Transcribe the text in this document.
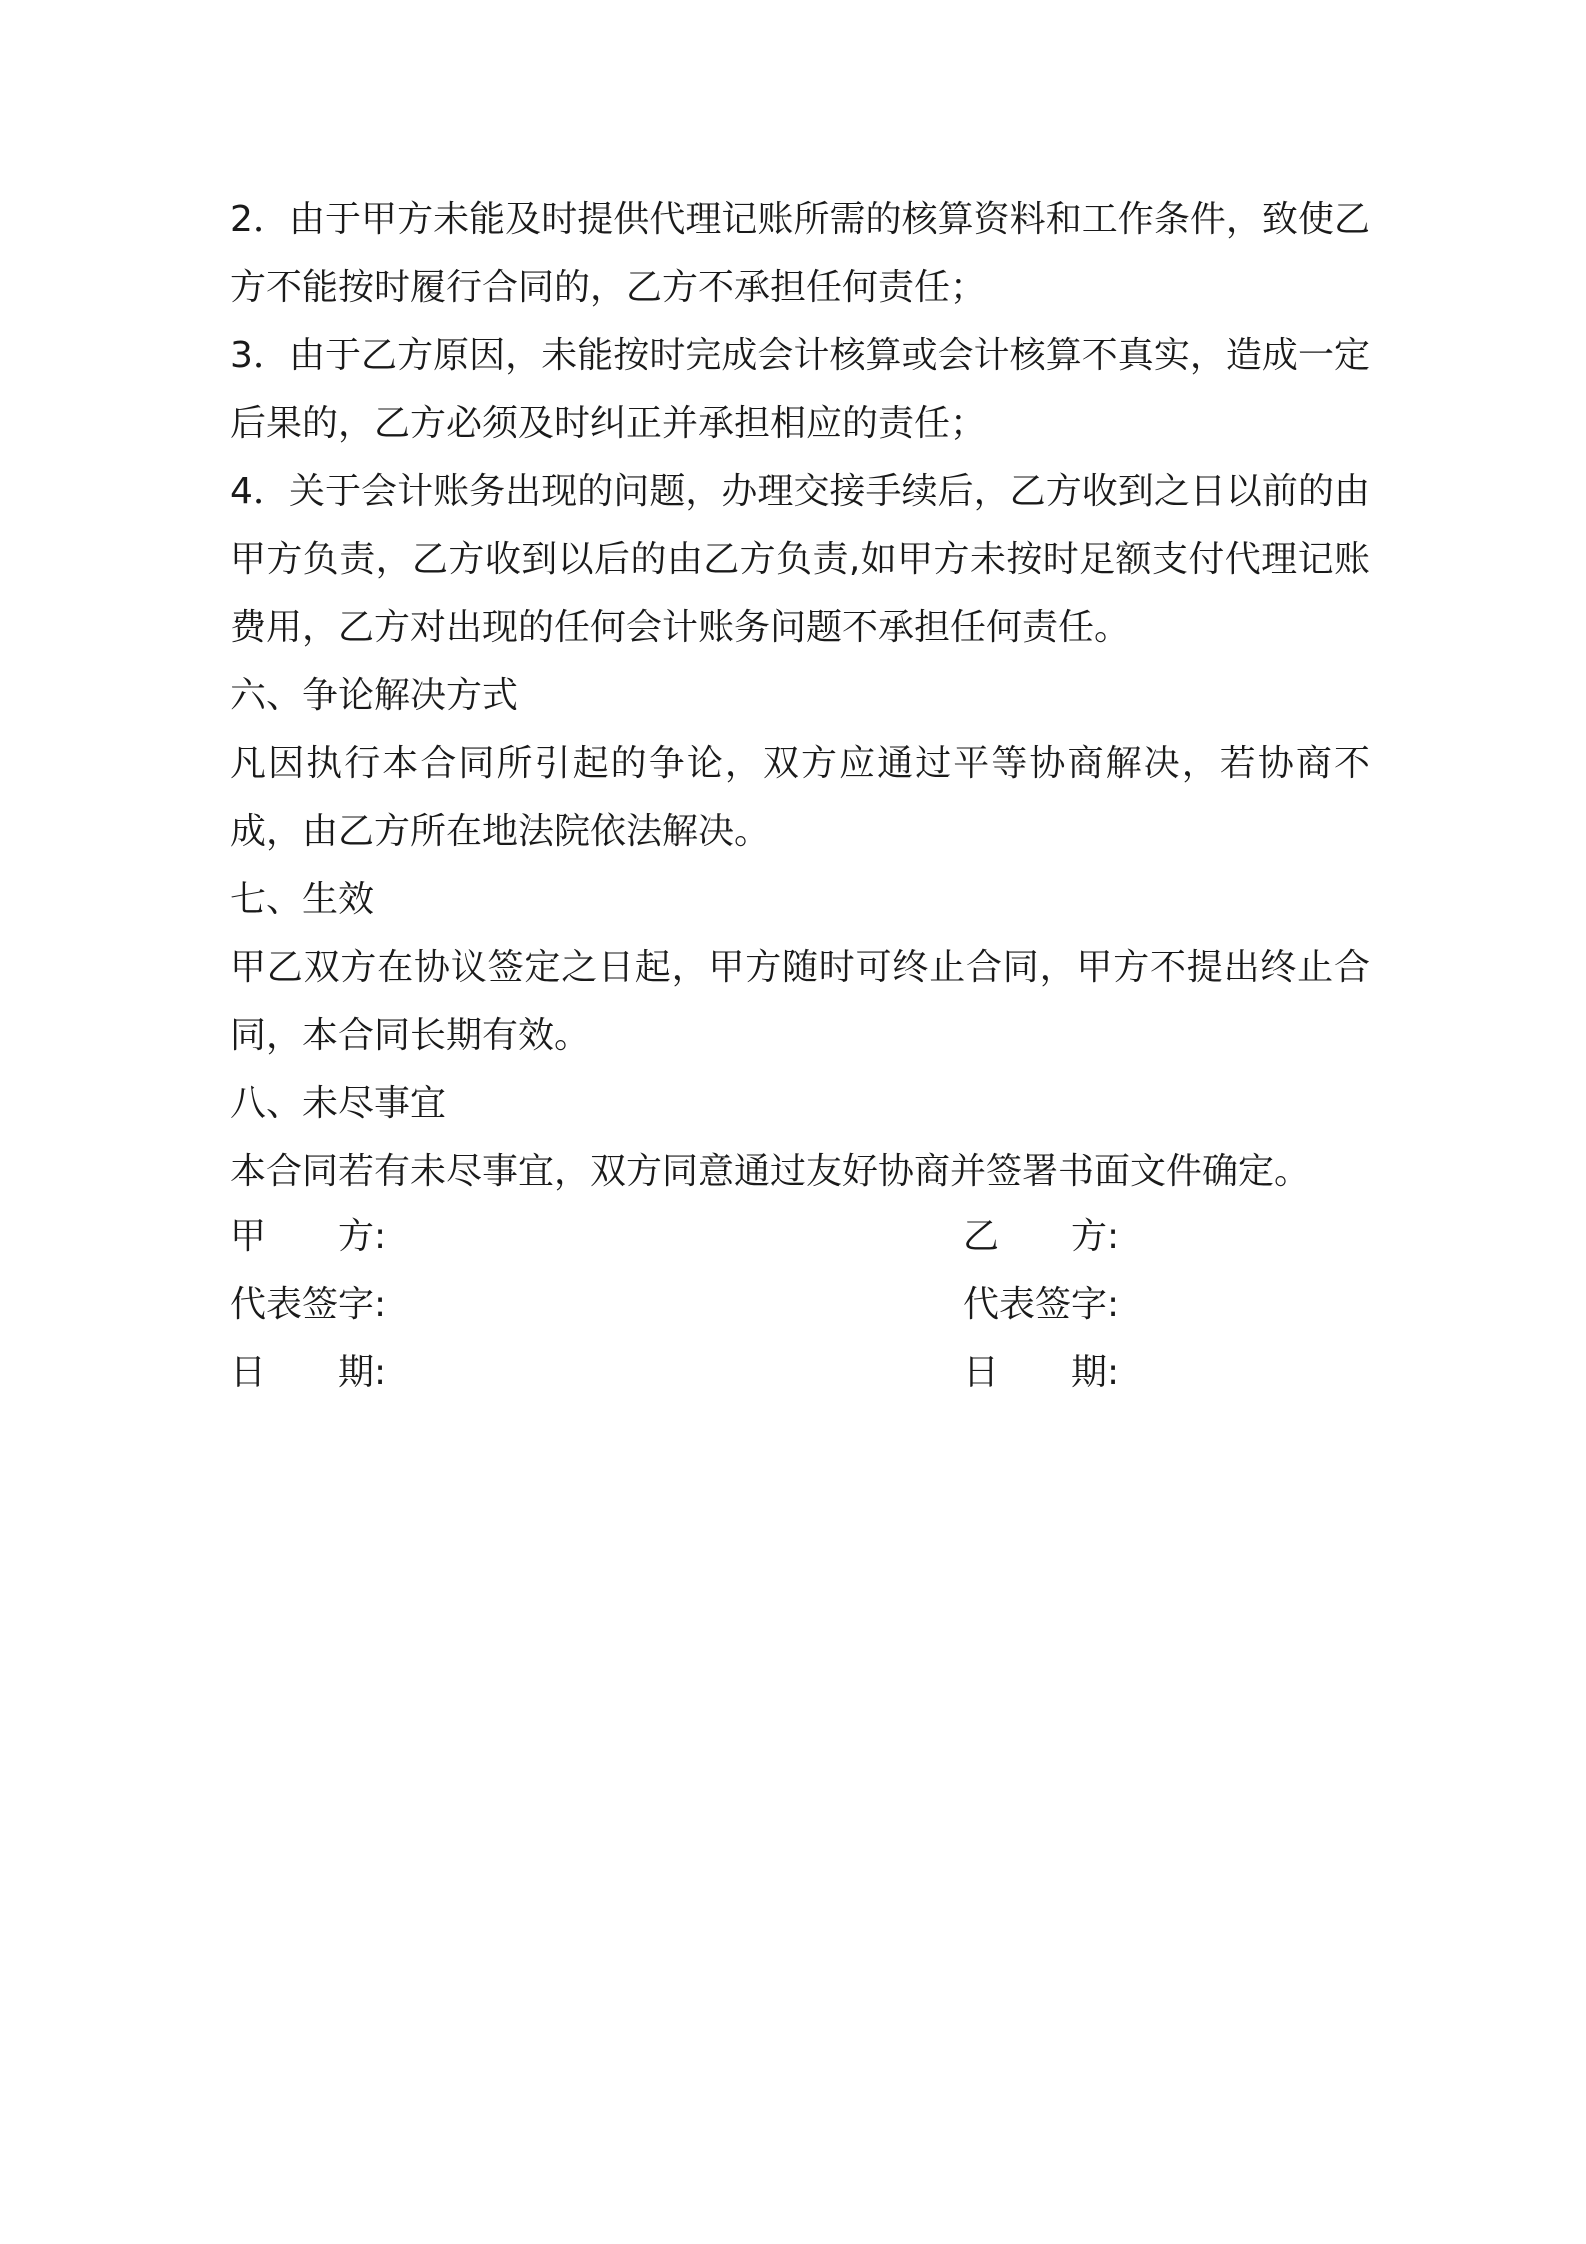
2．由于甲方未能及时提供代理记账所需的核算资料和工作条件，致使乙方不能按时履行合同的，乙方不承担任何责任；

3．由于乙方原因，未能按时完成会计核算或会计核算不真实，造成一定后果的，乙方必须及时纠正并承担相应的责任；

4．关于会计账务出现的问题，办理交接手续后，乙方收到之日以前的由甲方负责，乙方收到以后的由乙方负责,如甲方未按时足额支付代理记账费用，乙方对出现的任何会计账务问题不承担任何责任。

六、争论解决方式

凡因执行本合同所引起的争论，双方应通过平等协商解决，若协商不成，由乙方所在地法院依法解决。

七、生效

甲乙双方在协议签定之日起，甲方随时可终止合同，甲方不提出终止合同，本合同长期有效。

八、未尽事宜

本合同若有未尽事宜，双方同意通过友好协商并签署书面文件确定。

甲　　方:
代表签字:
日　　期:
乙　　方:
代表签字:
日　　期:
